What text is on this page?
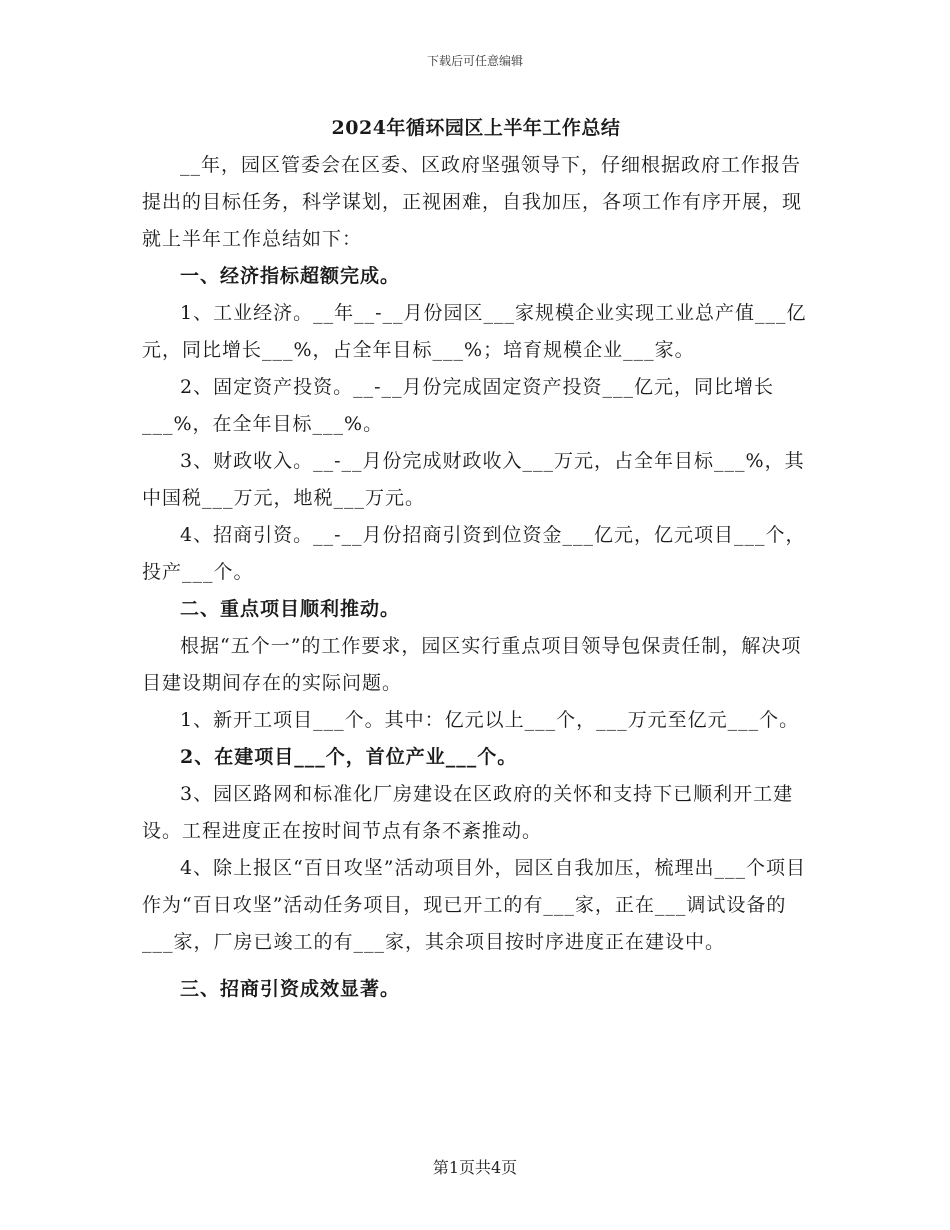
下载后可任意编辑
2024年循环园区上半年工作总结

__年，园区管委会在区委、区政府坚强领导下，仔细根据政府工作报告提出的目标任务，科学谋划，正视困难，自我加压，各项工作有序开展，现就上半年工作总结如下：

一、经济指标超额完成。

1、工业经济。__年__-__月份园区___家规模企业实现工业总产值___亿元，同比增长___%，占全年目标___%；培育规模企业___家。

2、固定资产投资。__-__月份完成固定资产投资___亿元，同比增长___%，在全年目标___%。

3、财政收入。__-__月份完成财政收入___万元，占全年目标___%，其中国税___万元，地税___万元。

4、招商引资。__-__月份招商引资到位资金___亿元，亿元项目___个，投产___个。

二、重点项目顺利推动。

根据“五个一”的工作要求，园区实行重点项目领导包保责任制，解决项目建设期间存在的实际问题。

1、新开工项目___个。其中：亿元以上___个，___万元至亿元___个。

2、在建项目___个，首位产业___个。

3、园区路网和标准化厂房建设在区政府的关怀和支持下已顺利开工建设。工程进度正在按时间节点有条不紊推动。

4、除上报区“百日攻坚”活动项目外，园区自我加压，梳理出___个项目作为“百日攻坚”活动任务项目，现已开工的有___家，正在___调试设备的___家，厂房已竣工的有___家，其余项目按时序进度正在建设中。

三、招商引资成效显著。

第1页共4页
